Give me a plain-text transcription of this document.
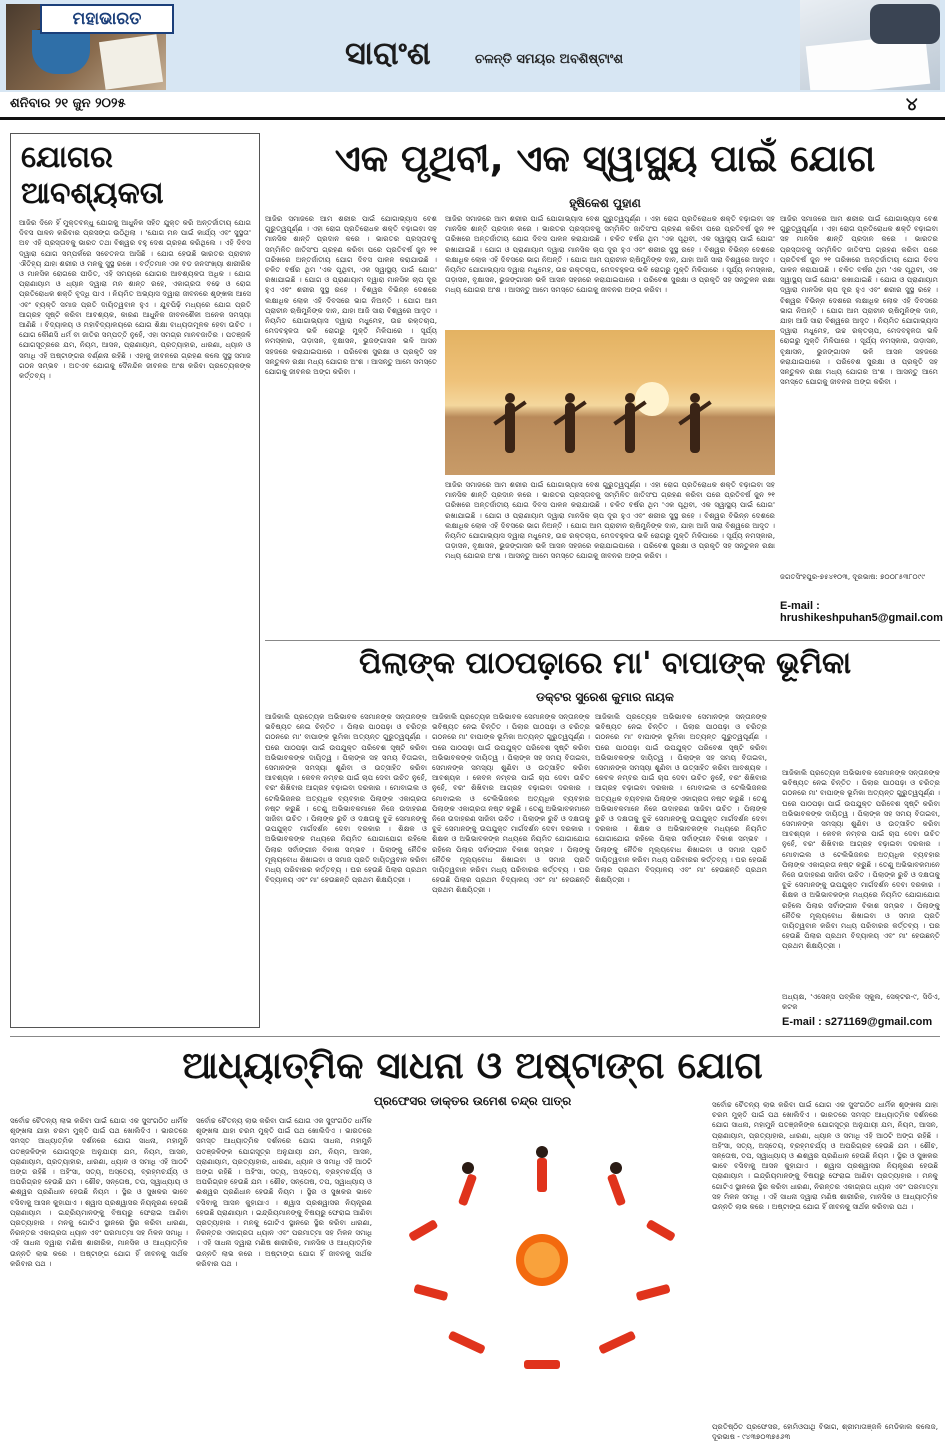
ମହାଭାରତ
ସାରାଂଶ	ଚଳନ୍ତି ସମୟର ଅବଶିଷ୍ଟାଂଶ
ଶନିବାର ୨୧ ଜୁନ ୨୦୨୫	୪
ଯୋଗର ଆବଶ୍ୟକତା

ଆଜିର ଦିନେ ହିଁ ମୁକ୍ତବନ୍ଧୁ ଯୋଗକୁ ଆଧୁନିକ ସହିତ ଯୁକ୍ତ କରି ଅନ୍ତର୍ଜାତୀୟ ଯୋଗ ଦିବସ ପାଳନ କରିବାର ପ୍ରସଙ୍ଗ ଉଠିଥିଲା । 'ଯୋଗ ମନ ପାଇଁ କାର୍ଯ୍ୟ ଏବଂ ସୁସ୍ଥତା' ଅବ ଏହି ପ୍ରସ୍ତାବକୁ ଭାରତ ତଥା ବିଶ୍ୱର ବହୁ ଦେଶ ଗ୍ରହଣ କରିଥିଲେ । ଏହି ଦିବସ ଦ୍ୱାରା ଯୋଗ ସମ୍ପର୍କରେ ସଚେତନତା ଆସିଛି । ଯୋଗ ହେଉଛି ଭାରତର ପ୍ରାଚୀନ ଐତିହ୍ୟ ଯାହା ଶରୀର ଓ ମନକୁ ସୁସ୍ଥ ରଖେ । ବର୍ତ୍ତମାନ ଏକ ବଡ ଜନସଂଖ୍ୟା ଶାରୀରିକ ଓ ମାନସିକ ରୋଗରେ ପୀଡିତ, ଏହି ସମୟରେ ଯୋଗର ଆବଶ୍ୟକତା ଅଧିକ । ଯୋଗ ପ୍ରାଣାୟାମ ଓ ଧ୍ୟାନ ଦ୍ୱାରା ମନ ଶାନ୍ତ ରହେ, ଏକାଗ୍ରତା ବଢେ ଓ ରୋଗ ପ୍ରତିରୋଧକ ଶକ୍ତି ବୃଦ୍ଧି ପାଏ । ନିୟମିତ ଅଭ୍ୟାସ ଦ୍ୱାରା ଜୀବନରେ ଶୃଙ୍ଖଳା ଆସେ ଏବଂ ବ୍ୟକ୍ତି ସମାଜ ପ୍ରତି ଦାୟିତ୍ୱବାନ ହୁଏ । ଯୁବପିଢ଼ି ମଧ୍ୟରେ ଯୋଗ ପ୍ରତି ଆଗ୍ରହ ସୃଷ୍ଟି କରିବା ଆବଶ୍ୟକ, କାରଣ ଆଧୁନିକ ଜୀବନଶୈଳୀ ଅନେକ ସମସ୍ୟା ଆଣିଛି । ବିଦ୍ୟାଳୟ ଓ ମହାବିଦ୍ୟାଳୟରେ ଯୋଗ ଶିକ୍ଷା ବାଧ୍ୟତାମୂଳକ ହେବା ଉଚିତ । ଯୋଗ କୌଣସି ଧର୍ମ ବା ଜାତିର ସମ୍ପତ୍ତି ନୁହେଁ, ଏହା ସମଗ୍ର ମାନବଜାତିର । ପତଞ୍ଜଳି ଯୋଗସୂତ୍ରରେ ଯମ, ନିୟମ, ଆସନ, ପ୍ରାଣାୟାମ, ପ୍ରତ୍ୟାହାର, ଧାରଣା, ଧ୍ୟାନ ଓ ସମାଧି ଏହି ଅଷ୍ଟାଙ୍ଗର ବର୍ଣ୍ଣନା ରହିଛି । ଏହାକୁ ଜୀବନରେ ଗ୍ରହଣ କଲେ ସୁସ୍ଥ ସମାଜ ଗଠନ ସମ୍ଭବ । ଅତଏବ ଯୋଗକୁ ଦୈନନ୍ଦିନ ଜୀବନର ଅଂଶ କରିବା ପ୍ରତ୍ୟେକଙ୍କ କର୍ତ୍ତବ୍ୟ ।

ଏକ ପୃଥିବୀ, ଏକ ସ୍ୱାସ୍ଥ୍ୟ ପାଇଁ ଯୋଗ
ହୃଷିକେଶ ପୁହାଣ

ଆଜିର ସମାଜରେ ଆମ ଶରୀର ପାଇଁ ଯୋଗାଭ୍ୟାସ ବେଶ ଗୁରୁତ୍ୱପୂର୍ଣ୍ଣ । ଏହା ରୋଗ ପ୍ରତିରୋଧକ ଶକ୍ତି ବଢ଼ାଇବା ସହ ମାନସିକ ଶାନ୍ତି ପ୍ରଦାନ କରେ । ଭାରତର ପ୍ରସ୍ତାବକୁ ସମ୍ମିଳିତ ଜାତିସଂଘ ଗ୍ରହଣ କରିବା ପରେ ପ୍ରତିବର୍ଷ ଜୁନ ୨୧ ତାରିଖରେ ଅନ୍ତର୍ଜାତୀୟ ଯୋଗ ଦିବସ ପାଳନ କରାଯାଉଛି । ଚଳିତ ବର୍ଷର ଥିମ 'ଏକ ପୃଥିବୀ, ଏକ ସ୍ୱାସ୍ଥ୍ୟ ପାଇଁ ଯୋଗ' ରଖାଯାଇଛି । ଯୋଗ ଓ ପ୍ରାଣାୟାମ ଦ୍ୱାରା ମାନସିକ ଚାପ ଦୂର ହୁଏ ଏବଂ ଶରୀର ସୁସ୍ଥ ରହେ । ବିଶ୍ୱର ବିଭିନ୍ନ ଦେଶରେ ଲକ୍ଷାଧିକ ଲୋକ ଏହି ଦିବସରେ ଭାଗ ନିଅନ୍ତି । ଯୋଗ ଆମ ପ୍ରାଚୀନ ଋଷିମୁନିଙ୍କ ଦାନ, ଯାହା ଆଜି ସାରା ବିଶ୍ୱରେ ଆଦୃତ । ନିୟମିତ ଯୋଗାଭ୍ୟାସ ଦ୍ୱାରା ମଧୁମେହ, ଉଚ୍ଚ ରକ୍ତଚାପ, ମେଦବହୁଳତା ଭଳି ରୋଗରୁ ମୁକ୍ତି ମିଳିପାରେ । ସୂର୍ଯ୍ୟ ନମସ୍କାର, ତାଡ଼ାସନ, ବୃକ୍ଷାସନ, ଭୁଜଙ୍ଗାସନ ଭଳି ଆସନ ସହଜରେ କରାଯାଇପାରେ । ପରିବେଶ ସୁରକ୍ଷା ଓ ପ୍ରକୃତି ସହ ସନ୍ତୁଳନ ରକ୍ଷା ମଧ୍ୟ ଯୋଗର ଅଂଶ । ଆସନ୍ତୁ ଆମେ ସମସ୍ତେ ଯୋଗକୁ ଜୀବନର ଅଙ୍ଗ କରିବା ।

ଆଜିର ସମାଜରେ ଆମ ଶରୀର ପାଇଁ ଯୋଗାଭ୍ୟାସ ବେଶ ଗୁରୁତ୍ୱପୂର୍ଣ୍ଣ । ଏହା ରୋଗ ପ୍ରତିରୋଧକ ଶକ୍ତି ବଢ଼ାଇବା ସହ ମାନସିକ ଶାନ୍ତି ପ୍ରଦାନ କରେ । ଭାରତର ପ୍ରସ୍ତାବକୁ ସମ୍ମିଳିତ ଜାତିସଂଘ ଗ୍ରହଣ କରିବା ପରେ ପ୍ରତିବର୍ଷ ଜୁନ ୨୧ ତାରିଖରେ ଅନ୍ତର୍ଜାତୀୟ ଯୋଗ ଦିବସ ପାଳନ କରାଯାଉଛି । ଚଳିତ ବର୍ଷର ଥିମ 'ଏକ ପୃଥିବୀ, ଏକ ସ୍ୱାସ୍ଥ୍ୟ ପାଇଁ ଯୋଗ' ରଖାଯାଇଛି । ଯୋଗ ଓ ପ୍ରାଣାୟାମ ଦ୍ୱାରା ମାନସିକ ଚାପ ଦୂର ହୁଏ ଏବଂ ଶରୀର ସୁସ୍ଥ ରହେ । ବିଶ୍ୱର ବିଭିନ୍ନ ଦେଶରେ ଲକ୍ଷାଧିକ ଲୋକ ଏହି ଦିବସରେ ଭାଗ ନିଅନ୍ତି । ଯୋଗ ଆମ ପ୍ରାଚୀନ ଋଷିମୁନିଙ୍କ ଦାନ, ଯାହା ଆଜି ସାରା ବିଶ୍ୱରେ ଆଦୃତ । ନିୟମିତ ଯୋଗାଭ୍ୟାସ ଦ୍ୱାରା ମଧୁମେହ, ଉଚ୍ଚ ରକ୍ତଚାପ, ମେଦବହୁଳତା ଭଳି ରୋଗରୁ ମୁକ୍ତି ମିଳିପାରେ । ସୂର୍ଯ୍ୟ ନମସ୍କାର, ତାଡ଼ାସନ, ବୃକ୍ଷାସନ, ଭୁଜଙ୍ଗାସନ ଭଳି ଆସନ ସହଜରେ କରାଯାଇପାରେ । ପରିବେଶ ସୁରକ୍ଷା ଓ ପ୍ରକୃତି ସହ ସନ୍ତୁଳନ ରକ୍ଷା ମଧ୍ୟ ଯୋଗର ଅଂଶ । ଆସନ୍ତୁ ଆମେ ସମସ୍ତେ ଯୋଗକୁ ଜୀବନର ଅଙ୍ଗ କରିବା ।

ଆଜିର ସମାଜରେ ଆମ ଶରୀର ପାଇଁ ଯୋଗାଭ୍ୟାସ ବେଶ ଗୁରୁତ୍ୱପୂର୍ଣ୍ଣ । ଏହା ରୋଗ ପ୍ରତିରୋଧକ ଶକ୍ତି ବଢ଼ାଇବା ସହ ମାନସିକ ଶାନ୍ତି ପ୍ରଦାନ କରେ । ଭାରତର ପ୍ରସ୍ତାବକୁ ସମ୍ମିଳିତ ଜାତିସଂଘ ଗ୍ରହଣ କରିବା ପରେ ପ୍ରତିବର୍ଷ ଜୁନ ୨୧ ତାରିଖରେ ଅନ୍ତର୍ଜାତୀୟ ଯୋଗ ଦିବସ ପାଳନ କରାଯାଉଛି । ଚଳିତ ବର୍ଷର ଥିମ 'ଏକ ପୃଥିବୀ, ଏକ ସ୍ୱାସ୍ଥ୍ୟ ପାଇଁ ଯୋଗ' ରଖାଯାଇଛି । ଯୋଗ ଓ ପ୍ରାଣାୟାମ ଦ୍ୱାରା ମାନସିକ ଚାପ ଦୂର ହୁଏ ଏବଂ ଶରୀର ସୁସ୍ଥ ରହେ । ବିଶ୍ୱର ବିଭିନ୍ନ ଦେଶରେ ଲକ୍ଷାଧିକ ଲୋକ ଏହି ଦିବସରେ ଭାଗ ନିଅନ୍ତି । ଯୋଗ ଆମ ପ୍ରାଚୀନ ଋଷିମୁନିଙ୍କ ଦାନ, ଯାହା ଆଜି ସାରା ବିଶ୍ୱରେ ଆଦୃତ । ନିୟମିତ ଯୋଗାଭ୍ୟାସ ଦ୍ୱାରା ମଧୁମେହ, ଉଚ୍ଚ ରକ୍ତଚାପ, ମେଦବହୁଳତା ଭଳି ରୋଗରୁ ମୁକ୍ତି ମିଳିପାରେ । ସୂର୍ଯ୍ୟ ନମସ୍କାର, ତାଡ଼ାସନ, ବୃକ୍ଷାସନ, ଭୁଜଙ୍ଗାସନ ଭଳି ଆସନ ସହଜରେ କରାଯାଇପାରେ । ପରିବେଶ ସୁରକ୍ଷା ଓ ପ୍ରକୃତି ସହ ସନ୍ତୁଳନ ରକ୍ଷା ମଧ୍ୟ ଯୋଗର ଅଂଶ । ଆସନ୍ତୁ ଆମେ ସମସ୍ତେ ଯୋଗକୁ ଜୀବନର ଅଙ୍ଗ କରିବା ।

ଆଜିର ସମାଜରେ ଆମ ଶରୀର ପାଇଁ ଯୋଗାଭ୍ୟାସ ବେଶ ଗୁରୁତ୍ୱପୂର୍ଣ୍ଣ । ଏହା ରୋଗ ପ୍ରତିରୋଧକ ଶକ୍ତି ବଢ଼ାଇବା ସହ ମାନସିକ ଶାନ୍ତି ପ୍ରଦାନ କରେ । ଭାରତର ପ୍ରସ୍ତାବକୁ ସମ୍ମିଳିତ ଜାତିସଂଘ ଗ୍ରହଣ କରିବା ପରେ ପ୍ରତିବର୍ଷ ଜୁନ ୨୧ ତାରିଖରେ ଅନ୍ତର୍ଜାତୀୟ ଯୋଗ ଦିବସ ପାଳନ କରାଯାଉଛି । ଚଳିତ ବର୍ଷର ଥିମ 'ଏକ ପୃଥିବୀ, ଏକ ସ୍ୱାସ୍ଥ୍ୟ ପାଇଁ ଯୋଗ' ରଖାଯାଇଛି । ଯୋଗ ଓ ପ୍ରାଣାୟାମ ଦ୍ୱାରା ମାନସିକ ଚାପ ଦୂର ହୁଏ ଏବଂ ଶରୀର ସୁସ୍ଥ ରହେ । ବିଶ୍ୱର ବିଭିନ୍ନ ଦେଶରେ ଲକ୍ଷାଧିକ ଲୋକ ଏହି ଦିବସରେ ଭାଗ ନିଅନ୍ତି । ଯୋଗ ଆମ ପ୍ରାଚୀନ ଋଷିମୁନିଙ୍କ ଦାନ, ଯାହା ଆଜି ସାରା ବିଶ୍ୱରେ ଆଦୃତ । ନିୟମିତ ଯୋଗାଭ୍ୟାସ ଦ୍ୱାରା ମଧୁମେହ, ଉଚ୍ଚ ରକ୍ତଚାପ, ମେଦବହୁଳତା ଭଳି ରୋଗରୁ ମୁକ୍ତି ମିଳିପାରେ । ସୂର୍ଯ୍ୟ ନମସ୍କାର, ତାଡ଼ାସନ, ବୃକ୍ଷାସନ, ଭୁଜଙ୍ଗାସନ ଭଳି ଆସନ ସହଜରେ କରାଯାଇପାରେ । ପରିବେଶ ସୁରକ୍ଷା ଓ ପ୍ରକୃତି ସହ ସନ୍ତୁଳନ ରକ୍ଷା ମଧ୍ୟ ଯୋଗର ଅଂଶ । ଆସନ୍ତୁ ଆମେ ସମସ୍ତେ ଯୋଗକୁ ଜୀବନର ଅଙ୍ଗ କରିବା ।

ଜଗତସିଂହପୁର-୭୫୪୧୦୩, ଦୂରଭାଷ: ୭୦୦୮୫୩୮୦୯୯
E-mail : hrushikeshpuhan5@gmail.com
ପିଲାଙ୍କ ପାଠପଢ଼ାରେ ମା' ବାପାଙ୍କ ଭୂମିକା
ଡକ୍ଟର ସୁରେଶ କୁମାର ନାୟକ

ଆଜିକାଲି ପ୍ରତ୍ୟେକ ଅଭିଭାବକ ସେମାନଙ୍କ ସନ୍ତାନଙ୍କ ଭବିଷ୍ୟତ ନେଇ ଚିନ୍ତିତ । ପିଲାର ପାଠପଢ଼ା ଓ ଚରିତ୍ର ଗଠନରେ ମା' ବାପାଙ୍କ ଭୂମିକା ଅତ୍ୟନ୍ତ ଗୁରୁତ୍ୱପୂର୍ଣ୍ଣ । ଘରେ ପାଠପଢ଼ା ପାଇଁ ଉପଯୁକ୍ତ ପରିବେଶ ସୃଷ୍ଟି କରିବା ଅଭିଭାବକଙ୍କ ଦାୟିତ୍ୱ । ପିଲାଙ୍କ ସହ ସମୟ ବିତାଇବା, ସେମାନଙ୍କ ସମସ୍ୟା ଶୁଣିବା ଓ ଉତ୍ସାହିତ କରିବା ଆବଶ୍ୟକ । କେବଳ ନମ୍ବର ପାଇଁ ଚାପ ଦେବା ଉଚିତ ନୁହେଁ, ବରଂ ଶିଖିବାର ଆଗ୍ରହ ବଢ଼ାଇବା ଦରକାର । ମୋବାଇଲ ଓ ଟେଲିଭିଜନର ଅତ୍ୟଧିକ ବ୍ୟବହାର ପିଲାଙ୍କ ଏକାଗ୍ରତା ନଷ୍ଟ କରୁଛି । ତେଣୁ ଅଭିଭାବକମାନେ ନିଜେ ଉଦାହରଣ ସାଜିବା ଉଚିତ । ପିଲାଙ୍କ ରୁଚି ଓ ଦକ୍ଷତାକୁ ବୁଝି ସେମାନଙ୍କୁ ଉପଯୁକ୍ତ ମାର୍ଗଦର୍ଶନ ଦେବା ଦରକାର । ଶିକ୍ଷକ ଓ ଅଭିଭାବକଙ୍କ ମଧ୍ୟରେ ନିୟମିତ ଯୋଗାଯୋଗ ରହିଲେ ପିଲାର ସର୍ବାଙ୍ଗୀନ ବିକାଶ ସମ୍ଭବ । ପିଲାଙ୍କୁ ନୈତିକ ମୂଲ୍ୟବୋଧ ଶିଖାଇବା ଓ ସମାଜ ପ୍ରତି ଦାୟିତ୍ୱବାନ କରିବା ମଧ୍ୟ ପରିବାରର କର୍ତ୍ତବ୍ୟ । ଘର ହେଉଛି ପିଲାର ପ୍ରଥମ ବିଦ୍ୟାଳୟ ଏବଂ ମା' ହେଉଛନ୍ତି ପ୍ରଥମ ଶିକ୍ଷୟିତ୍ରୀ ।

ଆଜିକାଲି ପ୍ରତ୍ୟେକ ଅଭିଭାବକ ସେମାନଙ୍କ ସନ୍ତାନଙ୍କ ଭବିଷ୍ୟତ ନେଇ ଚିନ୍ତିତ । ପିଲାର ପାଠପଢ଼ା ଓ ଚରିତ୍ର ଗଠନରେ ମା' ବାପାଙ୍କ ଭୂମିକା ଅତ୍ୟନ୍ତ ଗୁରୁତ୍ୱପୂର୍ଣ୍ଣ । ଘରେ ପାଠପଢ଼ା ପାଇଁ ଉପଯୁକ୍ତ ପରିବେଶ ସୃଷ୍ଟି କରିବା ଅଭିଭାବକଙ୍କ ଦାୟିତ୍ୱ । ପିଲାଙ୍କ ସହ ସମୟ ବିତାଇବା, ସେମାନଙ୍କ ସମସ୍ୟା ଶୁଣିବା ଓ ଉତ୍ସାହିତ କରିବା ଆବଶ୍ୟକ । କେବଳ ନମ୍ବର ପାଇଁ ଚାପ ଦେବା ଉଚିତ ନୁହେଁ, ବରଂ ଶିଖିବାର ଆଗ୍ରହ ବଢ଼ାଇବା ଦରକାର । ମୋବାଇଲ ଓ ଟେଲିଭିଜନର ଅତ୍ୟଧିକ ବ୍ୟବହାର ପିଲାଙ୍କ ଏକାଗ୍ରତା ନଷ୍ଟ କରୁଛି । ତେଣୁ ଅଭିଭାବକମାନେ ନିଜେ ଉଦାହରଣ ସାଜିବା ଉଚିତ । ପିଲାଙ୍କ ରୁଚି ଓ ଦକ୍ଷତାକୁ ବୁଝି ସେମାନଙ୍କୁ ଉପଯୁକ୍ତ ମାର୍ଗଦର୍ଶନ ଦେବା ଦରକାର । ଶିକ୍ଷକ ଓ ଅଭିଭାବକଙ୍କ ମଧ୍ୟରେ ନିୟମିତ ଯୋଗାଯୋଗ ରହିଲେ ପିଲାର ସର୍ବାଙ୍ଗୀନ ବିକାଶ ସମ୍ଭବ । ପିଲାଙ୍କୁ ନୈତିକ ମୂଲ୍ୟବୋଧ ଶିଖାଇବା ଓ ସମାଜ ପ୍ରତି ଦାୟିତ୍ୱବାନ କରିବା ମଧ୍ୟ ପରିବାରର କର୍ତ୍ତବ୍ୟ । ଘର ହେଉଛି ପିଲାର ପ୍ରଥମ ବିଦ୍ୟାଳୟ ଏବଂ ମା' ହେଉଛନ୍ତି ପ୍ରଥମ ଶିକ୍ଷୟିତ୍ରୀ ।

ଆଜିକାଲି ପ୍ରତ୍ୟେକ ଅଭିଭାବକ ସେମାନଙ୍କ ସନ୍ତାନଙ୍କ ଭବିଷ୍ୟତ ନେଇ ଚିନ୍ତିତ । ପିଲାର ପାଠପଢ଼ା ଓ ଚରିତ୍ର ଗଠନରେ ମା' ବାପାଙ୍କ ଭୂମିକା ଅତ୍ୟନ୍ତ ଗୁରୁତ୍ୱପୂର୍ଣ୍ଣ । ଘରେ ପାଠପଢ଼ା ପାଇଁ ଉପଯୁକ୍ତ ପରିବେଶ ସୃଷ୍ଟି କରିବା ଅଭିଭାବକଙ୍କ ଦାୟିତ୍ୱ । ପିଲାଙ୍କ ସହ ସମୟ ବିତାଇବା, ସେମାନଙ୍କ ସମସ୍ୟା ଶୁଣିବା ଓ ଉତ୍ସାହିତ କରିବା ଆବଶ୍ୟକ । କେବଳ ନମ୍ବର ପାଇଁ ଚାପ ଦେବା ଉଚିତ ନୁହେଁ, ବରଂ ଶିଖିବାର ଆଗ୍ରହ ବଢ଼ାଇବା ଦରକାର । ମୋବାଇଲ ଓ ଟେଲିଭିଜନର ଅତ୍ୟଧିକ ବ୍ୟବହାର ପିଲାଙ୍କ ଏକାଗ୍ରତା ନଷ୍ଟ କରୁଛି । ତେଣୁ ଅଭିଭାବକମାନେ ନିଜେ ଉଦାହରଣ ସାଜିବା ଉଚିତ । ପିଲାଙ୍କ ରୁଚି ଓ ଦକ୍ଷତାକୁ ବୁଝି ସେମାନଙ୍କୁ ଉପଯୁକ୍ତ ମାର୍ଗଦର୍ଶନ ଦେବା ଦରକାର । ଶିକ୍ଷକ ଓ ଅଭିଭାବକଙ୍କ ମଧ୍ୟରେ ନିୟମିତ ଯୋଗାଯୋଗ ରହିଲେ ପିଲାର ସର୍ବାଙ୍ଗୀନ ବିକାଶ ସମ୍ଭବ । ପିଲାଙ୍କୁ ନୈତିକ ମୂଲ୍ୟବୋଧ ଶିଖାଇବା ଓ ସମାଜ ପ୍ରତି ଦାୟିତ୍ୱବାନ କରିବା ମଧ୍ୟ ପରିବାରର କର୍ତ୍ତବ୍ୟ । ଘର ହେଉଛି ପିଲାର ପ୍ରଥମ ବିଦ୍ୟାଳୟ ଏବଂ ମା' ହେଉଛନ୍ତି ପ୍ରଥମ ଶିକ୍ଷୟିତ୍ରୀ ।

ଆଜିକାଲି ପ୍ରତ୍ୟେକ ଅଭିଭାବକ ସେମାନଙ୍କ ସନ୍ତାନଙ୍କ ଭବିଷ୍ୟତ ନେଇ ଚିନ୍ତିତ । ପିଲାର ପାଠପଢ଼ା ଓ ଚରିତ୍ର ଗଠନରେ ମା' ବାପାଙ୍କ ଭୂମିକା ଅତ୍ୟନ୍ତ ଗୁରୁତ୍ୱପୂର୍ଣ୍ଣ । ଘରେ ପାଠପଢ଼ା ପାଇଁ ଉପଯୁକ୍ତ ପରିବେଶ ସୃଷ୍ଟି କରିବା ଅଭିଭାବକଙ୍କ ଦାୟିତ୍ୱ । ପିଲାଙ୍କ ସହ ସମୟ ବିତାଇବା, ସେମାନଙ୍କ ସମସ୍ୟା ଶୁଣିବା ଓ ଉତ୍ସାହିତ କରିବା ଆବଶ୍ୟକ । କେବଳ ନମ୍ବର ପାଇଁ ଚାପ ଦେବା ଉଚିତ ନୁହେଁ, ବରଂ ଶିଖିବାର ଆଗ୍ରହ ବଢ଼ାଇବା ଦରକାର । ମୋବାଇଲ ଓ ଟେଲିଭିଜନର ଅତ୍ୟଧିକ ବ୍ୟବହାର ପିଲାଙ୍କ ଏକାଗ୍ରତା ନଷ୍ଟ କରୁଛି । ତେଣୁ ଅଭିଭାବକମାନେ ନିଜେ ଉଦାହରଣ ସାଜିବା ଉଚିତ । ପିଲାଙ୍କ ରୁଚି ଓ ଦକ୍ଷତାକୁ ବୁଝି ସେମାନଙ୍କୁ ଉପଯୁକ୍ତ ମାର୍ଗଦର୍ଶନ ଦେବା ଦରକାର । ଶିକ୍ଷକ ଓ ଅଭିଭାବକଙ୍କ ମଧ୍ୟରେ ନିୟମିତ ଯୋଗାଯୋଗ ରହିଲେ ପିଲାର ସର୍ବାଙ୍ଗୀନ ବିକାଶ ସମ୍ଭବ । ପିଲାଙ୍କୁ ନୈତିକ ମୂଲ୍ୟବୋଧ ଶିଖାଇବା ଓ ସମାଜ ପ୍ରତି ଦାୟିତ୍ୱବାନ କରିବା ମଧ୍ୟ ପରିବାରର କର୍ତ୍ତବ୍ୟ । ଘର ହେଉଛି ପିଲାର ପ୍ରଥମ ବିଦ୍ୟାଳୟ ଏବଂ ମା' ହେଉଛନ୍ତି ପ୍ରଥମ ଶିକ୍ଷୟିତ୍ରୀ ।

ଅଧ୍ୟକ୍ଷ, 'ଏସେନ୍ସ ପବ୍ଲିକ ସ୍କୁଲ, ସେକ୍ଟର-୯, ସିଡିଏ, କଟକ
E-mail : s271169@gmail.com
ଆଧ୍ୟାତ୍ମିକ ସାଧନା ଓ ଅଷ୍ଟାଙ୍ଗ ଯୋଗ
ପ୍ରଫେସର ଡାକ୍ତର ଉମେଶ ଚନ୍ଦ୍ର ପାତ୍ର

ସର୍ବୋଚ୍ଚ ଚୈତନ୍ୟ ଲାଭ କରିବା ପାଇଁ ଯୋଗ ଏକ ସୁସଂଗଠିତ ଧାର୍ମିକ ଶୃଙ୍ଖଳା ଯାହା ଚରମ ମୁକ୍ତି ପାଇଁ ପଥ ଖୋଲିଦିଏ । ଭାରତରେ ସମସ୍ତ ଆଧ୍ୟାତ୍ମିକ ଦର୍ଶନରେ ଯୋଗ ସାଧନା, ମହାମୁନି ପତଞ୍ଜଳିଙ୍କ ଯୋଗସୂତ୍ର ଅନୁଯାୟୀ ଯମ, ନିୟମ, ଆସନ, ପ୍ରାଣାୟାମ, ପ୍ରତ୍ୟାହାର, ଧାରଣା, ଧ୍ୟାନ ଓ ସମାଧି ଏହି ଆଠଟି ଅଙ୍ଗ ରହିଛି । ଅହିଂସା, ସତ୍ୟ, ଅସ୍ତେୟ, ବ୍ରହ୍ମଚର୍ଯ୍ୟ ଓ ଅପରିଗ୍ରହ ହେଉଛି ଯମ । ଶୌଚ, ସନ୍ତୋଷ, ତପ, ସ୍ୱାଧ୍ୟାୟ ଓ ଈଶ୍ୱର ପ୍ରଣିଧାନ ହେଉଛି ନିୟମ । ସ୍ଥିର ଓ ସୁଖକର ଭାବେ ବସିବାକୁ ଆସନ କୁହାଯାଏ । ଶ୍ୱାସ ପ୍ରଶ୍ୱାସର ନିୟନ୍ତ୍ରଣ ହେଉଛି ପ୍ରାଣାୟାମ । ଇନ୍ଦ୍ରିୟମାନଙ୍କୁ ବିଷୟରୁ ଫେରାଇ ଆଣିବା ପ୍ରତ୍ୟାହାର । ମନକୁ ଗୋଟିଏ ସ୍ଥାନରେ ସ୍ଥିର କରିବା ଧାରଣା, ନିରନ୍ତର ଏକାଗ୍ରତା ଧ୍ୟାନ ଏବଂ ପରମାତ୍ମା ସହ ମିଳନ ସମାଧି । ଏହି ସାଧନା ଦ୍ୱାରା ମଣିଷ ଶାରୀରିକ, ମାନସିକ ଓ ଆଧ୍ୟାତ୍ମିକ ଉନ୍ନତି ଲାଭ କରେ । ଅଷ୍ଟାଙ୍ଗ ଯୋଗ ହିଁ ଜୀବନକୁ ସାର୍ଥକ କରିବାର ପଥ ।

ସର୍ବୋଚ୍ଚ ଚୈତନ୍ୟ ଲାଭ କରିବା ପାଇଁ ଯୋଗ ଏକ ସୁସଂଗଠିତ ଧାର୍ମିକ ଶୃଙ୍ଖଳା ଯାହା ଚରମ ମୁକ୍ତି ପାଇଁ ପଥ ଖୋଲିଦିଏ । ଭାରତରେ ସମସ୍ତ ଆଧ୍ୟାତ୍ମିକ ଦର୍ଶନରେ ଯୋଗ ସାଧନା, ମହାମୁନି ପତଞ୍ଜଳିଙ୍କ ଯୋଗସୂତ୍ର ଅନୁଯାୟୀ ଯମ, ନିୟମ, ଆସନ, ପ୍ରାଣାୟାମ, ପ୍ରତ୍ୟାହାର, ଧାରଣା, ଧ୍ୟାନ ଓ ସମାଧି ଏହି ଆଠଟି ଅଙ୍ଗ ରହିଛି । ଅହିଂସା, ସତ୍ୟ, ଅସ୍ତେୟ, ବ୍ରହ୍ମଚର୍ଯ୍ୟ ଓ ଅପରିଗ୍ରହ ହେଉଛି ଯମ । ଶୌଚ, ସନ୍ତୋଷ, ତପ, ସ୍ୱାଧ୍ୟାୟ ଓ ଈଶ୍ୱର ପ୍ରଣିଧାନ ହେଉଛି ନିୟମ । ସ୍ଥିର ଓ ସୁଖକର ଭାବେ ବସିବାକୁ ଆସନ କୁହାଯାଏ । ଶ୍ୱାସ ପ୍ରଶ୍ୱାସର ନିୟନ୍ତ୍ରଣ ହେଉଛି ପ୍ରାଣାୟାମ । ଇନ୍ଦ୍ରିୟମାନଙ୍କୁ ବିଷୟରୁ ଫେରାଇ ଆଣିବା ପ୍ରତ୍ୟାହାର । ମନକୁ ଗୋଟିଏ ସ୍ଥାନରେ ସ୍ଥିର କରିବା ଧାରଣା, ନିରନ୍ତର ଏକାଗ୍ରତା ଧ୍ୟାନ ଏବଂ ପରମାତ୍ମା ସହ ମିଳନ ସମାଧି । ଏହି ସାଧନା ଦ୍ୱାରା ମଣିଷ ଶାରୀରିକ, ମାନସିକ ଓ ଆଧ୍ୟାତ୍ମିକ ଉନ୍ନତି ଲାଭ କରେ । ଅଷ୍ଟାଙ୍ଗ ଯୋଗ ହିଁ ଜୀବନକୁ ସାର୍ଥକ କରିବାର ପଥ ।

ସର୍ବୋଚ୍ଚ ଚୈତନ୍ୟ ଲାଭ କରିବା ପାଇଁ ଯୋଗ ଏକ ସୁସଂଗଠିତ ଧାର୍ମିକ ଶୃଙ୍ଖଳା ଯାହା ଚରମ ମୁକ୍ତି ପାଇଁ ପଥ ଖୋଲିଦିଏ । ଭାରତରେ ସମସ୍ତ ଆଧ୍ୟାତ୍ମିକ ଦର୍ଶନରେ ଯୋଗ ସାଧନା, ମହାମୁନି ପତଞ୍ଜଳିଙ୍କ ଯୋଗସୂତ୍ର ଅନୁଯାୟୀ ଯମ, ନିୟମ, ଆସନ, ପ୍ରାଣାୟାମ, ପ୍ରତ୍ୟାହାର, ଧାରଣା, ଧ୍ୟାନ ଓ ସମାଧି ଏହି ଆଠଟି ଅଙ୍ଗ ରହିଛି । ଅହିଂସା, ସତ୍ୟ, ଅସ୍ତେୟ, ବ୍ରହ୍ମଚର୍ଯ୍ୟ ଓ ଅପରିଗ୍ରହ ହେଉଛି ଯମ । ଶୌଚ, ସନ୍ତୋଷ, ତପ, ସ୍ୱାଧ୍ୟାୟ ଓ ଈଶ୍ୱର ପ୍ରଣିଧାନ ହେଉଛି ନିୟମ । ସ୍ଥିର ଓ ସୁଖକର ଭାବେ ବସିବାକୁ ଆସନ କୁହାଯାଏ । ଶ୍ୱାସ ପ୍ରଶ୍ୱାସର ନିୟନ୍ତ୍ରଣ ହେଉଛି ପ୍ରାଣାୟାମ । ଇନ୍ଦ୍ରିୟମାନଙ୍କୁ ବିଷୟରୁ ଫେରାଇ ଆଣିବା ପ୍ରତ୍ୟାହାର । ମନକୁ ଗୋଟିଏ ସ୍ଥାନରେ ସ୍ଥିର କରିବା ଧାରଣା, ନିରନ୍ତର ଏକାଗ୍ରତା ଧ୍ୟାନ ଏବଂ ପରମାତ୍ମା ସହ ମିଳନ ସମାଧି । ଏହି ସାଧନା ଦ୍ୱାରା ମଣିଷ ଶାରୀରିକ, ମାନସିକ ଓ ଆଧ୍ୟାତ୍ମିକ ଉନ୍ନତି ଲାଭ କରେ । ଅଷ୍ଟାଙ୍ଗ ଯୋଗ ହିଁ ଜୀବନକୁ ସାର୍ଥକ କରିବାର ପଥ ।

ପ୍ରତିଷ୍ଠିତ ପ୍ରଫେସର, ହୋମିଓପାଥି ବିଭାଗ, ଶ୍ରୀମାତାଞ୍ଜଳି ମେଡିକାଲ କଲେଜ, ଦୂରଭାଷ - ୯୪୩୭୦୩୭୫୬୩
